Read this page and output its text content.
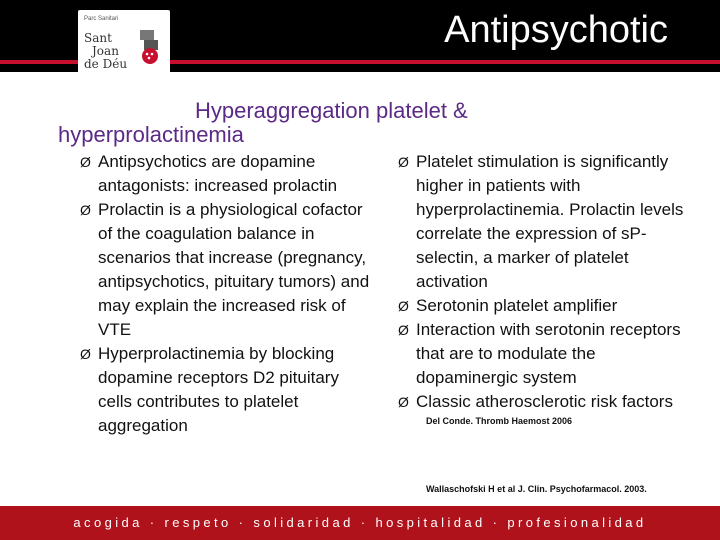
Parc Sanitari
Sant
Joan
de Déu
Antipsychotic
Hyperaggregation platelet &
hyperprolactinemia
Ø Antipsychotics are dopamine antagonists: increased prolactin
Ø Prolactin is a physiological cofactor of the coagulation balance in scenarios that increase (pregnancy, antipsychotics, pituitary tumors) and may explain the increased risk of VTE
Ø Hyperprolactinemia by blocking dopamine receptors D2 pituitary cells contributes to platelet aggregation
Ø Platelet stimulation is significantly higher in patients with hyperprolactinemia. Prolactin levels correlate the expression of sP-selectin, a marker of platelet activation
Ø Serotonin platelet amplifier
Ø Interaction with serotonin receptors that are to modulate the dopaminergic system
Ø Classic atherosclerotic risk factors
Del Conde. Thromb Haemost 2006
Wallaschofski H et al J. Clin. Psychofarmacol. 2003.
acogida · respeto · solidaridad · hospitalidad · profesionalidad
